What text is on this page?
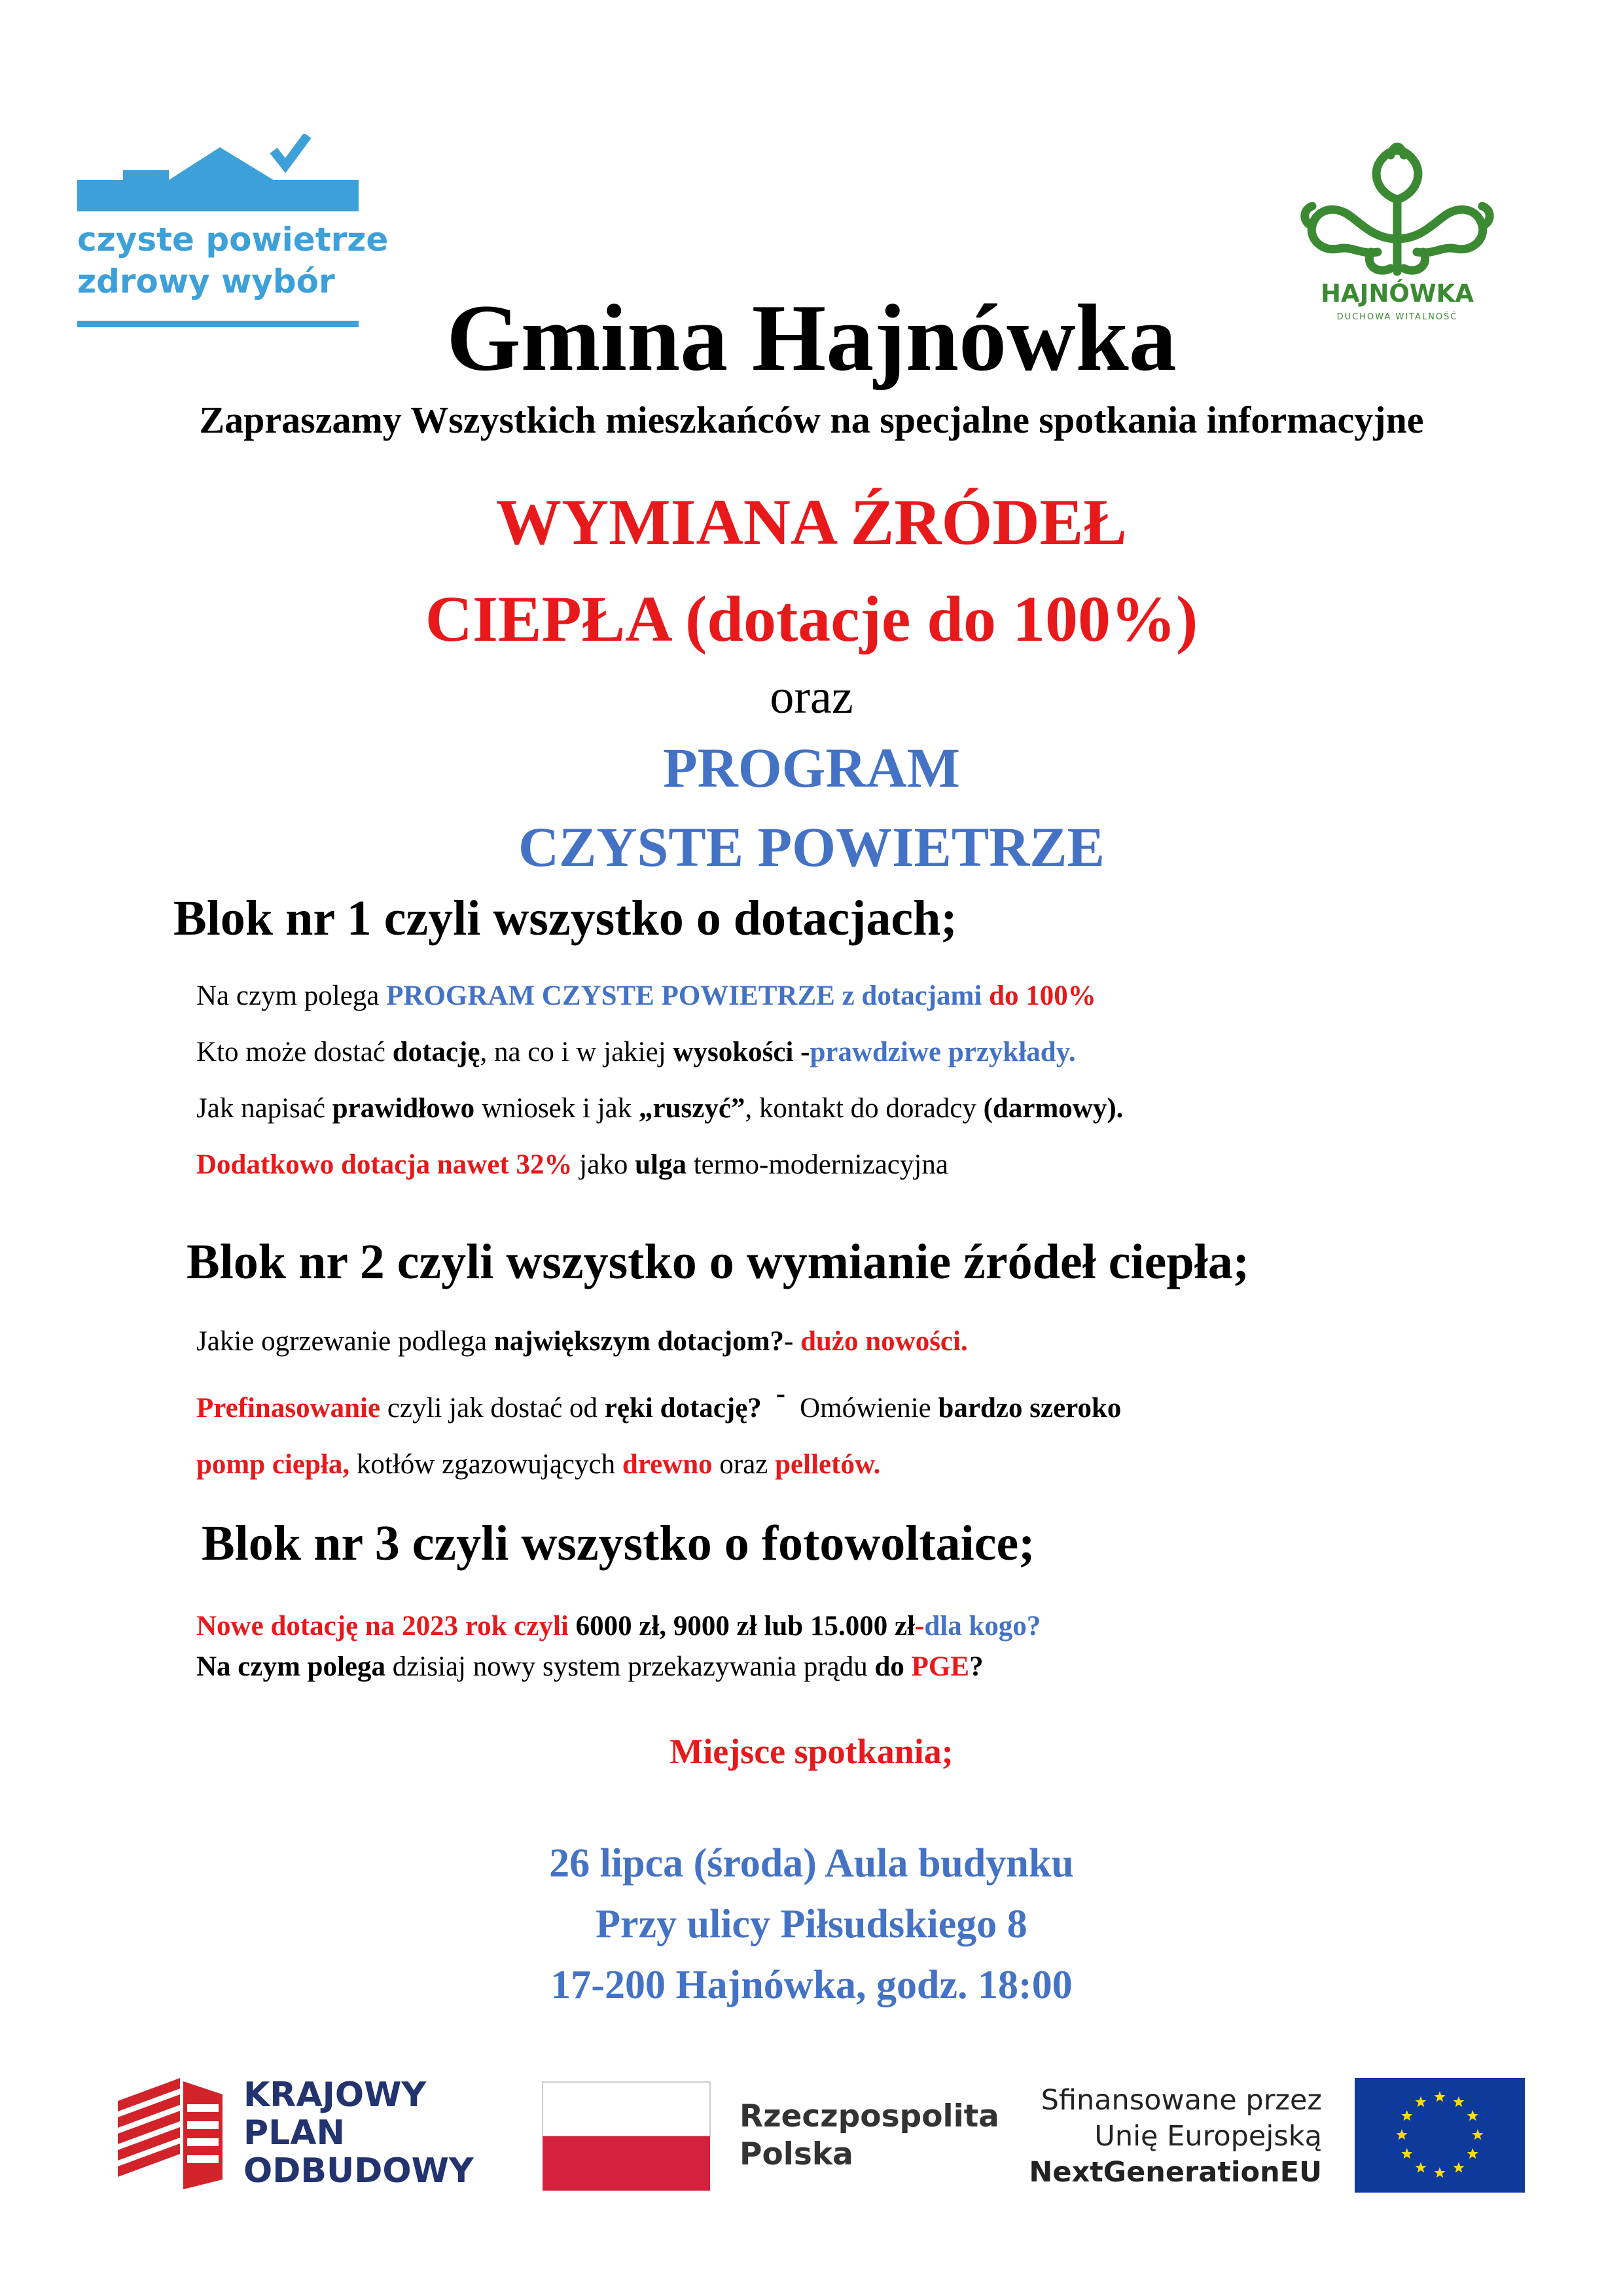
czyste powietrze
zdrowy wybór	HAJNÓWKA
DUCHOWA WITALNOŚĆ
Gmina Hajnówka
Zapraszamy Wszystkich mieszkańców na specjalne spotkania informacyjne
WYMIANA ŹRÓDEŁ
CIEPŁA (dotacje do 100%)
oraz
PROGRAM
CZYSTE POWIETRZE
Blok nr 1 czyli wszystko o dotacjach;
Na czym polega PROGRAM CZYSTE POWIETRZE z dotacjami do 100%
Kto może dostać dotację, na co i w jakiej wysokości -prawdziwe przykłady.
Jak napisać prawidłowo wniosek i jak „ruszyć”, kontakt do doradcy (darmowy).
Dodatkowo dotacja nawet 32% jako ulga termo-modernizacyjna
Blok nr 2 czyli wszystko o wymianie źródeł ciepła;
Jakie ogrzewanie podlega największym dotacjom?- dużo nowości.
Prefinasowanie czyli jak dostać od ręki dotację? - Omówienie bardzo szeroko
pomp ciepła, kotłów zgazowujących drewno oraz pelletów.
Blok nr 3 czyli wszystko o fotowoltaice;
Nowe dotację na 2023 rok czyli 6000 zł, 9000 zł lub 15.000 zł-dla kogo?
Na czym polega dzisiaj nowy system przekazywania prądu do PGE?
Miejsce spotkania;
26 lipca (środa) Aula budynku
Przy ulicy Piłsudskiego 8
17-200 Hajnówka, godz. 18:00
KRAJOWY
PLAN
ODBUDOWY
Rzeczpospolita
Polska
Sfinansowane przez
Unię Europejską
NextGenerationEU
